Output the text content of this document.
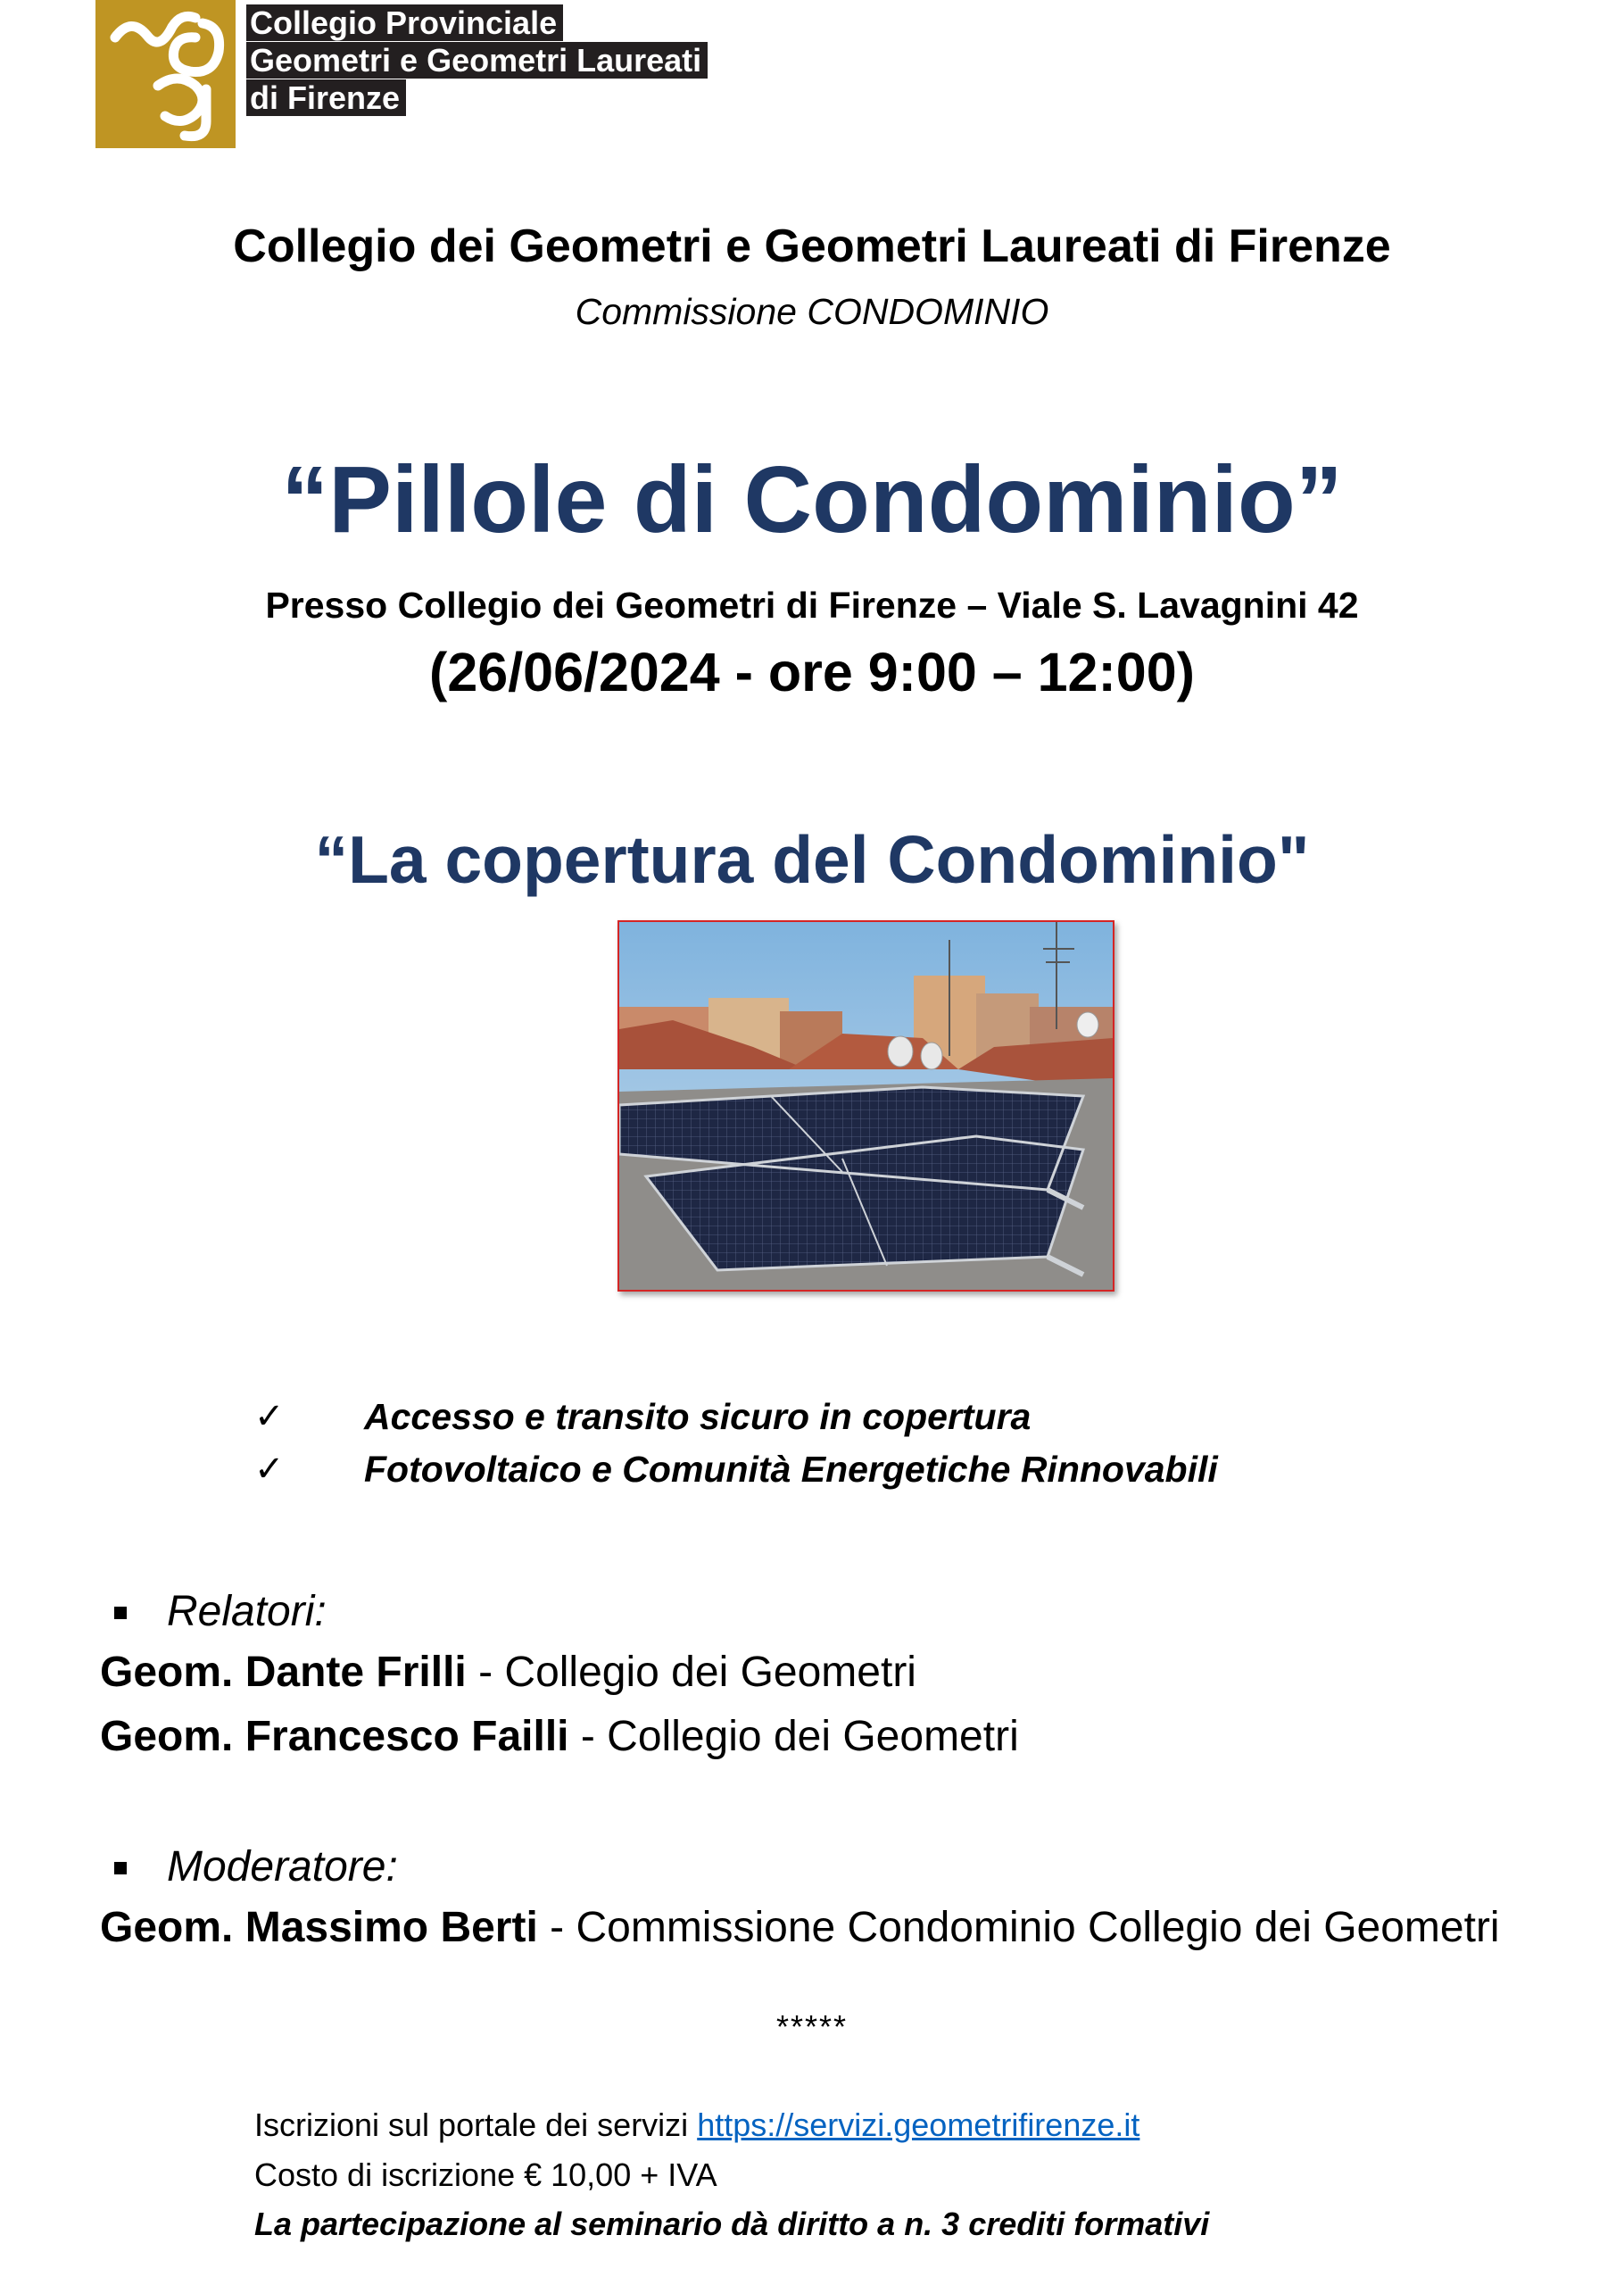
Collegio Provinciale
Geometri e Geometri Laureati
di Firenze
Collegio dei Geometri e Geometri Laureati di Firenze
Commissione CONDOMINIO
“Pillole di Condominio”
Presso Collegio dei Geometri di Firenze – Viale S. Lavagnini 42
(26/06/2024 - ore 9:00 – 12:00)
“La copertura del Condominio"
✓ Accesso e transito sicuro in copertura
✓ Fotovoltaico e Comunità Energetiche Rinnovabili
Relatori:
Geom. Dante Frilli - Collegio dei Geometri
Geom. Francesco Failli - Collegio dei Geometri
Moderatore:
Geom. Massimo Berti - Commissione Condominio Collegio dei Geometri
*****
Iscrizioni sul portale dei servizi https://servizi.geometrifirenze.it
Costo di iscrizione € 10,00 + IVA
La partecipazione al seminario dà diritto a n. 3 crediti formativi
